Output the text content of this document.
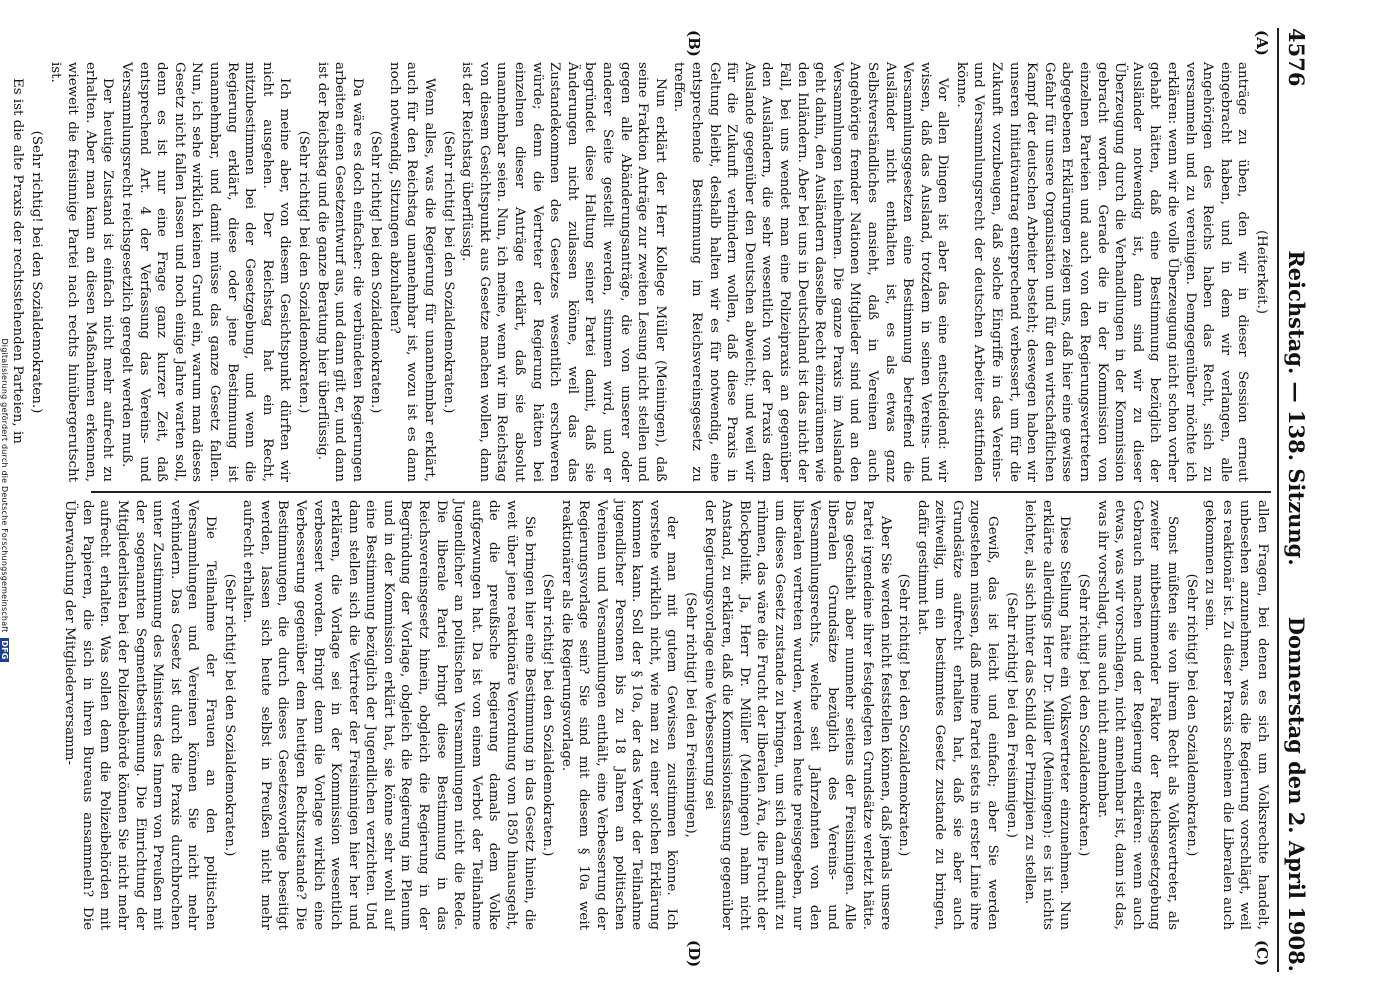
4576
Reichstag. — 138. Sitzung.
Donnerstag den 2. April 1908.
(A)
(B)
(C)
(D)

(Heiterkeit.)

anträge zu üben, den wir in dieser Session erneut eingebracht haben, und in dem wir verlangen, alle Angehörigen des Reichs haben das Recht, sich zu versammeln und zu vereinigen. Demgegenüber möchte ich erklären: wenn wir die volle Überzeugung nicht schon vorher gehabt hätten, daß eine Bestimmung bezüglich der Ausländer notwendig ist, dann sind wir zu dieser Überzeugung durch die Verhandlungen in der Kommission gebracht worden. Gerade die in der Kommission von einzelnen Parteien und auch von den Regierungsvertretern abgegebenen Erklärungen zeigen uns, daß hier eine gewisse Gefahr für unsere Organisation und für den wirtschaftlichen Kampf der deutschen Arbeiter besteht; deswegen haben wir unseren Initiativantrag entsprechend verbessert, um für die Zukunft vorzubeugen, daß solche Eingriffe in das Vereins- und Versammlungsrecht der deutschen Arbeiter stattfinden könne.

Vor allen Dingen ist aber das eine entscheidend: wir wissen, daß das Ausland, trotzdem in seinen Vereins- und Versammlungsgesetzen eine Bestimmung betreffend die Ausländer nicht enthalten ist, es als etwas ganz Selbstverständliches ansieht, daß in Vereinen auch Angehörige fremder Nationen Mitglieder sind und an den Versammlungen teilnehmen. Die ganze Praxis im Auslande geht dahin, den Ausländern dasselbe Recht einzuräumen wie den Inländern. Aber bei uns in Deutschland ist das nicht der Fall, bei uns wendet man eine Polizeipraxis an gegenüber den Ausländern, die sehr wesentlich von der Praxis dem Auslande gegenüber den Deutschen abweicht; und weil wir für die Zukunft verhindern wollen, daß diese Praxis in Geltung bleibt, deshalb halten wir es für notwendig, eine entsprechende Bestimmung im Reichsvereinsgesetz zu treffen.

Nun erklärt der Herr Kollege Müller (Meiningen), daß seine Fraktion Anträge zur zweiten Lesung nicht stellen und gegen alle Abänderungsanträge, die von unserer oder anderer Seite gestellt werden, stimmen wird, und er begründet diese Haltung seiner Partei damit, daß sie Änderungen nicht zulassen könne, weil das das Zustandekommen des Gesetzes wesentlich erschweren würde; denn die Vertreter der Regierung hätten bei einzelnen dieser Anträge erklärt, daß sie absolut unannehmbar seien. Nun, ich meine, wenn wir im Reichstag von diesem Gesichtspunkt aus Gesetze machen wollen, dann ist der Reichstag überflüssig.

(Sehr richtig! bei den Sozialdemokraten.)

Wenn alles, was die Regierung für unannehmbar erklärt, auch für den Reichstag unannehmbar ist, wozu ist es dann noch notwendig, Sitzungen abzuhalten?

(Sehr richtig! bei den Sozialdemokraten.)

Da wäre es doch einfacher: die verbündeten Regierungen arbeiten einen Gesetzentwurf aus, und dann gilt er, und dann ist der Reichstag und die ganze Beratung hier überflüssig.

(Sehr richtig! bei den Sozialdemokraten.)

Ich meine aber, von diesem Gesichtspunkt dürften wir nicht ausgehen. Der Reichstag hat ein Recht, mitzubestimmen bei der Gesetzgebung, und wenn die Regierung erklärt, diese oder jene Bestimmung ist unannehmbar, und damit müsse das ganze Gesetz fallen. Nun, ich sehe wirklich keinen Grund ein, warum man dieses Gesetz nicht fallen lassen und noch einige Jahre warten soll, denn es ist nur eine Frage ganz kurzer Zeit, daß entsprechend Art. 4 der Verfassung das Vereins- und Versammlungsrecht reichsgesetzlich geregelt werden muß.

Der heutige Zustand ist einfach nicht mehr aufrecht zu erhalten. Aber man kann an diesen Maßnahmen erkennen, wieweit die freisinnige Partei nach rechts hinübergerutscht ist.

(Sehr richtig! bei den Sozialdemokraten.)

Es ist die alte Praxis der rechtsstehenden Parteien, in

allen Fragen, bei denen es sich um Volksrechte handelt, unbesehen anzunehmen, was die Regierung vorschlägt, weil es reaktionär ist. Zu dieser Praxis scheinen die Liberalen auch gekommen zu sein.

(Sehr richtig! bei den Sozialdemokraten.)

Sonst müßten sie von ihrem Recht als Volksvertreter, als zweiter mitbestimmender Faktor der Reichsgesetzgebung Gebrauch machen und der Regierung erklären: wenn auch etwas, was wir vorschlagen, nicht annehmbar ist, dann ist das, was ihr vorschlagt, uns auch nicht annehmbar.

(Sehr richtig! bei den Sozialdemokraten.)

Diese Stellung hätte ein Volksvertreter einzunehmen. Nun erklärte allerdings Herr Dr. Müller (Meiningen): es ist nichts leichter, als sich hinter das Schild der Prinzipien zu stellen.

(Sehr richtig! bei den Freisinnigen.)

Gewiß, das ist leicht und einfach; aber Sie werden zugestehen müssen, daß meine Partei stets in erster Linie ihre Grundsätze aufrecht erhalten hat, daß sie aber auch zeitweilig, um ein bestimmtes Gesetz zustande zu bringen, dafür gestimmt hat.

(Sehr richtig! bei den Sozialdemokraten.)

Aber Sie werden nicht feststellen können, daß jemals unsere Partei irgendeine ihrer festgelegten Grundsätze verletzt hätte. Das geschieht aber nunmehr seitens der Freisinnigen. Alle liberalen Grundsätze bezüglich des Vereins- und Versammlungsrechts, welche seit Jahrzehnten von den liberalen vertreten wurden, werden heute preisgegeben, nur um dieses Gesetz zustande zu bringen, um sich dann damit zu rühmen, das wäre die Frucht der liberalen Ära, die Frucht der Blockpolitik. Ja, Herr Dr. Müller (Meiningen) nahm nicht Anstand, zu erklären, daß die Kommissionsfassung gegenüber der Regierungsvorlage eine Verbesserung sei

(Sehr richtig! bei den Freisinnigen),

der man mit gutem Gewissen zustimmen könne. Ich verstehe wirklich nicht, wie man zu einer solchen Erklärung kommen kann. Soll der § 10a, der das Verbot der Teilnahme jugendlicher Personen bis zu 18 Jahren an politischen Vereinen und Versammlungen enthält, eine Verbesserung der Regierungsvorlage sein? Sie sind mit diesem § 10a weit reaktionärer als die Regierungsvorlage.

(Sehr richtig! bei den Sozialdemokraten.)

Sie bringen hier eine Bestimmung in das Gesetz hinein, die weit über jene reaktionäre Verordnung vom 1850 hinausgeht, die die preußische Regierung damals dem Volke aufgezwungen hat. Da ist von einem Verbot der Teilnahme Jugendlicher an politischen Versammlungen nicht die Rede. Die liberale Partei bringt diese Bestimmung in das Reichsvereinsgesetz hinein, obgleich die Regierung in der Begründung der Vorlage, obgleich die Regierung im Plenum und in der Kommission erklärt hat, sie könne sehr wohl auf eine Bestimmung bezüglich der Jugendlichen verzichten. Und dann stellen sich die Vertreter der Freisinnigen hier her und erklären, die Vorlage sei in der Kommission wesentlich verbessert worden. Bringt denn die Vorlage wirklich eine Verbesserung gegenüber dem heutigen Rechtszustande? Die Bestimmungen, die durch dieses Gesetzesvorlage beseitigt werden, lassen sich heute selbst in Preußen nicht mehr aufrecht erhalten.

(Sehr richtig! bei den Sozialdemokraten.)

Die Teilnahme der Frauen an den politischen Versammlungen und Vereinen können Sie nicht mehr verhindern. Das Gesetz ist durch die Praxis durchbrochen unter Zustimmung des Ministers des Innern von Preußen mit der sogenannten Segmentbestimmung. Die Einrichtung der Mitgliederlisten bei der Polizeibehörde können Sie nicht mehr aufrecht erhalten. Was sollen denn die Polizeibehörden mit den Papieren, die sich in ihren Bureaus ansammeln? Die Überwachung der Mitgliederversamm-

Digitalisierung gefördert durch die Deutsche Forschungsgemeinschaft DFG
